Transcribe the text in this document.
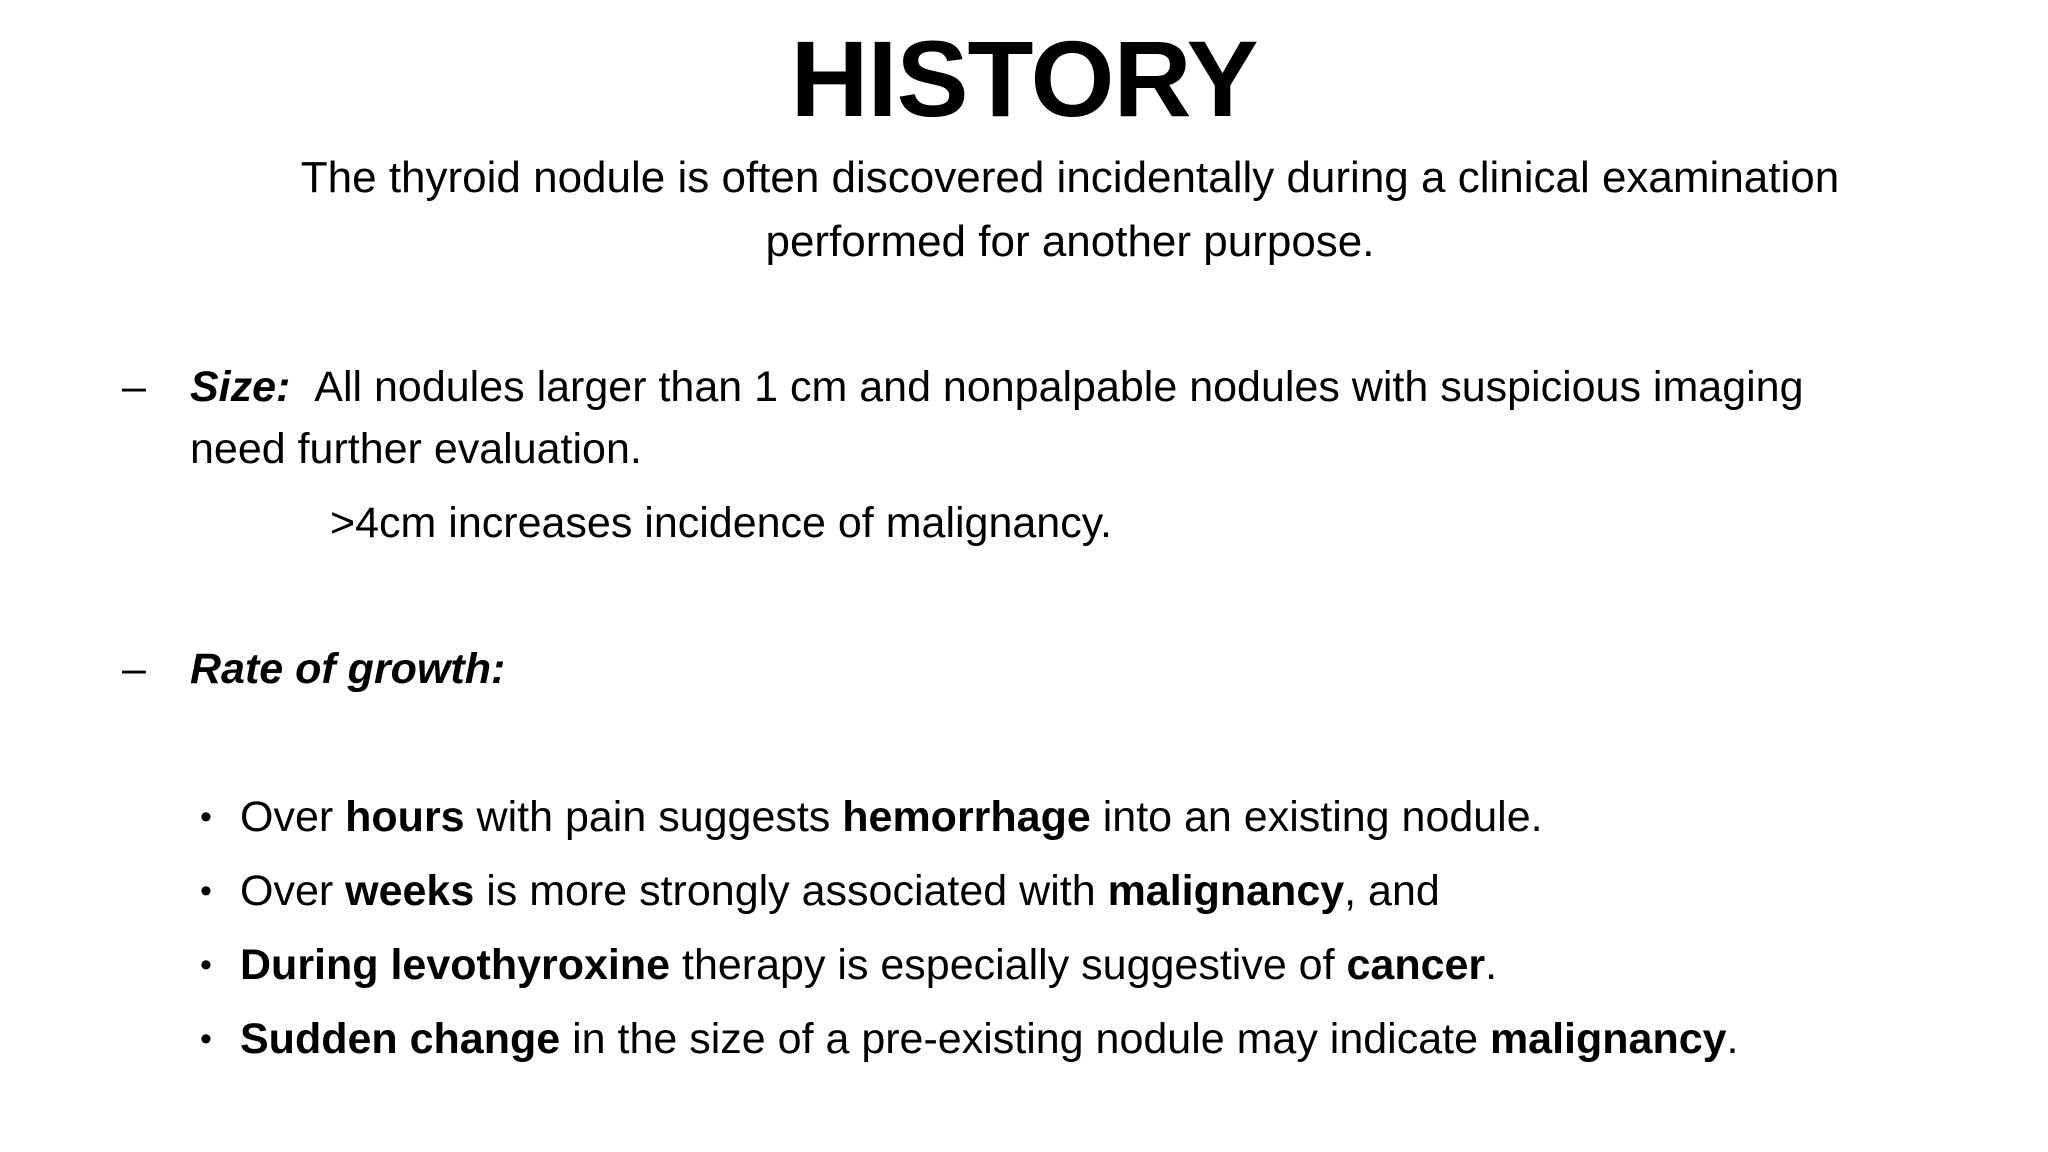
HISTORY
The thyroid nodule is often discovered incidentally during a clinical examination
performed for another purpose.
–	Size: All nodules larger than 1 cm and nonpalpable nodules with suspicious imaging
need further evaluation.
>4cm increases incidence of malignancy.
–	Rate of growth:
• Over hours with pain suggests hemorrhage into an existing nodule.
• Over weeks is more strongly associated with malignancy, and
• During levothyroxine therapy is especially suggestive of cancer.
• Sudden change in the size of a pre-existing nodule may indicate malignancy.
